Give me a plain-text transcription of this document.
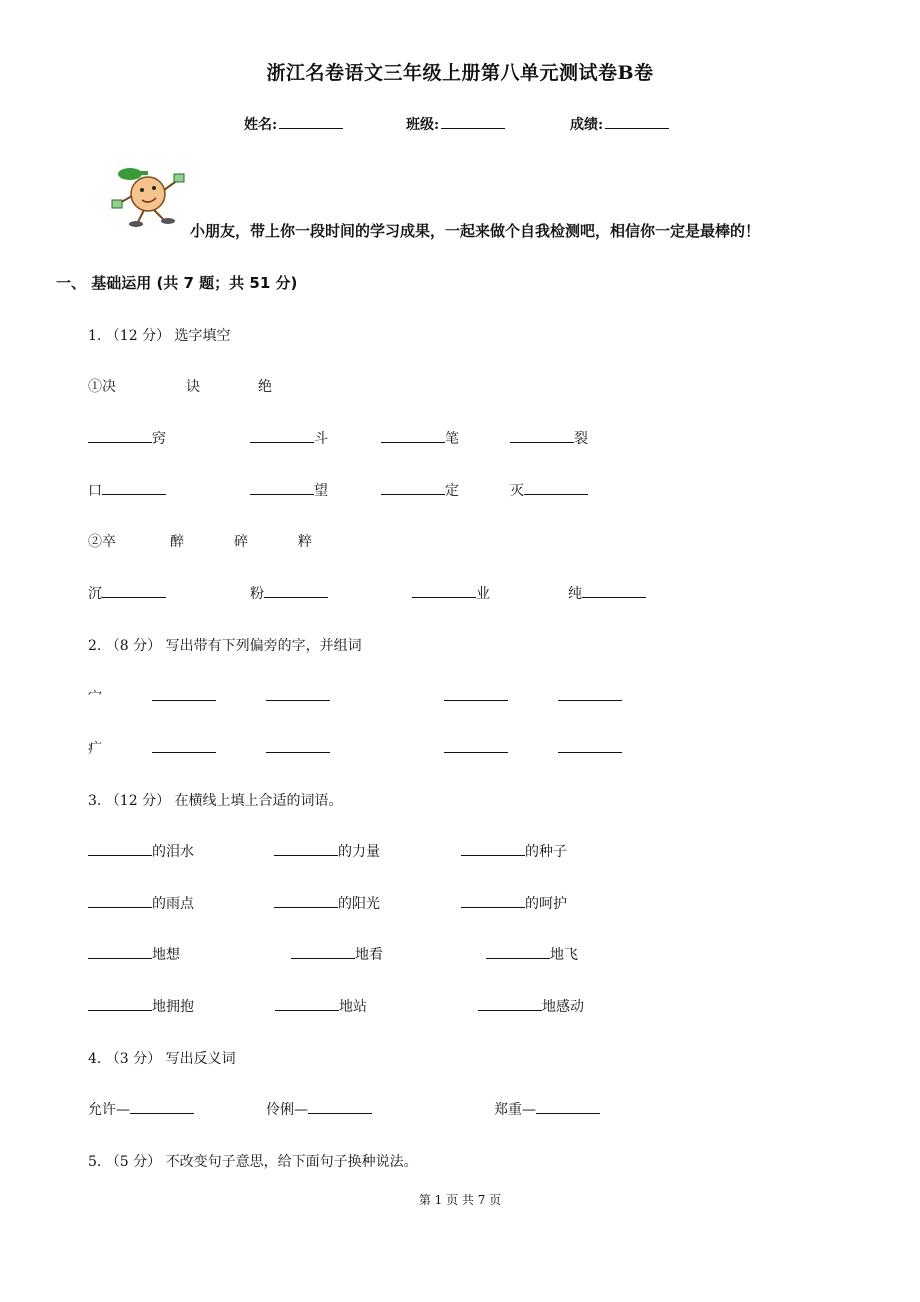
浙江名卷语文三年级上册第八单元测试卷B卷
姓名:	班级:	成绩:
小朋友，带上你一段时间的学习成果，一起来做个自我检测吧，相信你一定是最棒的！
一、 基础运用 (共 7 题；共 51 分)
1. （12 分） 选字填空
①决	诀	绝
窍	斗	笔	裂
口	望	定	灭
②卒	醉	碎	粹
沉	粉	业	纯
2. （8 分） 写出带有下列偏旁的字，并组词
宀
疒
3. （12 分） 在横线上填上合适的词语。
的泪水	的力量	的种子
的雨点	的阳光	的呵护
地想	地看	地飞
地拥抱	地站	地感动
4. （3 分） 写出反义词
允许—	伶俐—	郑重—
5. （5 分） 不改变句子意思，给下面句子换种说法。
第 1 页 共 7 页
